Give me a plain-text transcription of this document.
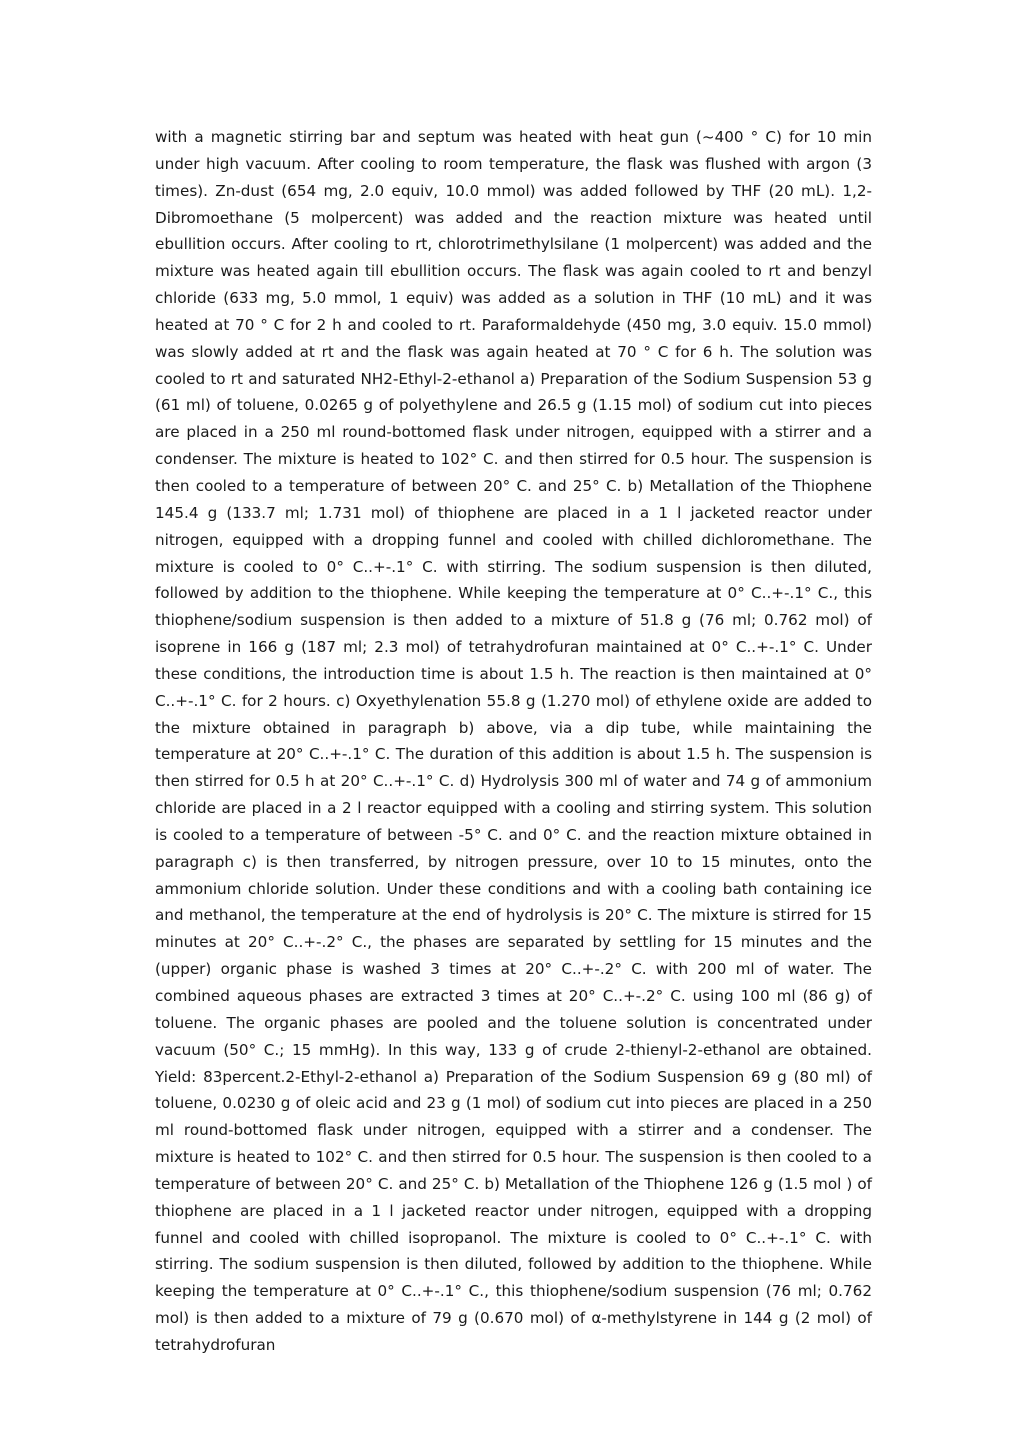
with a magnetic stirring bar and septum was heated with heat gun (~400 ° C) for 10 min under high vacuum. After cooling to room temperature, the flask was flushed with argon (3 times). Zn-dust (654 mg, 2.0 equiv, 10.0 mmol) was added followed by THF (20 mL). 1,2-Dibromoethane (5 molpercent) was added and the reaction mixture was heated until ebullition occurs. After cooling to rt, chlorotrimethylsilane (1 molpercent) was added and the mixture was heated again till ebullition occurs. The flask was again cooled to rt and benzyl chloride (633 mg, 5.0 mmol, 1 equiv) was added as a solution in THF (10 mL) and it was heated at 70 ° C for 2 h and cooled to rt. Paraformaldehyde (450 mg, 3.0 equiv. 15.0 mmol) was slowly added at rt and the flask was again heated at 70 ° C for 6 h. The solution was cooled to rt and saturated NH2-Ethyl-2-ethanol a) Preparation of the Sodium Suspension 53 g (61 ml) of toluene, 0.0265 g of polyethylene and 26.5 g (1.15 mol) of sodium cut into pieces are placed in a 250 ml round-bottomed flask under nitrogen, equipped with a stirrer and a condenser. The mixture is heated to 102° C. and then stirred for 0.5 hour. The suspension is then cooled to a temperature of between 20° C. and 25° C. b) Metallation of the Thiophene 145.4 g (133.7 ml; 1.731 mol) of thiophene are placed in a 1 l jacketed reactor under nitrogen, equipped with a dropping funnel and cooled with chilled dichloromethane. The mixture is cooled to 0° C..+-.1° C. with stirring. The sodium suspension is then diluted, followed by addition to the thiophene. While keeping the temperature at 0° C..+-.1° C., this thiophene/sodium suspension is then added to a mixture of 51.8 g (76 ml; 0.762 mol) of isoprene in 166 g (187 ml; 2.3 mol) of tetrahydrofuran maintained at 0° C..+-.1° C. Under these conditions, the introduction time is about 1.5 h. The reaction is then maintained at 0° C..+-.1° C. for 2 hours. c) Oxyethylenation 55.8 g (1.270 mol) of ethylene oxide are added to the mixture obtained in paragraph b) above, via a dip tube, while maintaining the temperature at 20° C..+-.1° C. The duration of this addition is about 1.5 h. The suspension is then stirred for 0.5 h at 20° C..+-.1° C. d) Hydrolysis 300 ml of water and 74 g of ammonium chloride are placed in a 2 l reactor equipped with a cooling and stirring system. This solution is cooled to a temperature of between -5° C. and 0° C. and the reaction mixture obtained in paragraph c) is then transferred, by nitrogen pressure, over 10 to 15 minutes, onto the ammonium chloride solution. Under these conditions and with a cooling bath containing ice and methanol, the temperature at the end of hydrolysis is 20° C. The mixture is stirred for 15 minutes at 20° C..+-.2° C., the phases are separated by settling for 15 minutes and the (upper) organic phase is washed 3 times at 20° C..+-.2° C. with 200 ml of water. The combined aqueous phases are extracted 3 times at 20° C..+-.2° C. using 100 ml (86 g) of toluene. The organic phases are pooled and the toluene solution is concentrated under vacuum (50° C.; 15 mmHg). In this way, 133 g of crude 2-thienyl-2-ethanol are obtained. Yield: 83percent.2-Ethyl-2-ethanol a) Preparation of the Sodium Suspension 69 g (80 ml) of toluene, 0.0230 g of oleic acid and 23 g (1 mol) of sodium cut into pieces are placed in a 250 ml round-bottomed flask under nitrogen, equipped with a stirrer and a condenser. The mixture is heated to 102° C. and then stirred for 0.5 hour. The suspension is then cooled to a temperature of between 20° C. and 25° C. b) Metallation of the Thiophene 126 g (1.5 mol ) of thiophene are placed in a 1 l jacketed reactor under nitrogen, equipped with a dropping funnel and cooled with chilled isopropanol. The mixture is cooled to 0° C..+-.1° C. with stirring. The sodium suspension is then diluted, followed by addition to the thiophene. While keeping the temperature at 0° C..+-.1° C., this thiophene/sodium suspension (76 ml; 0.762 mol) is then added to a mixture of 79 g (0.670 mol) of α-methylstyrene in 144 g (2 mol) of tetrahydrofuran
